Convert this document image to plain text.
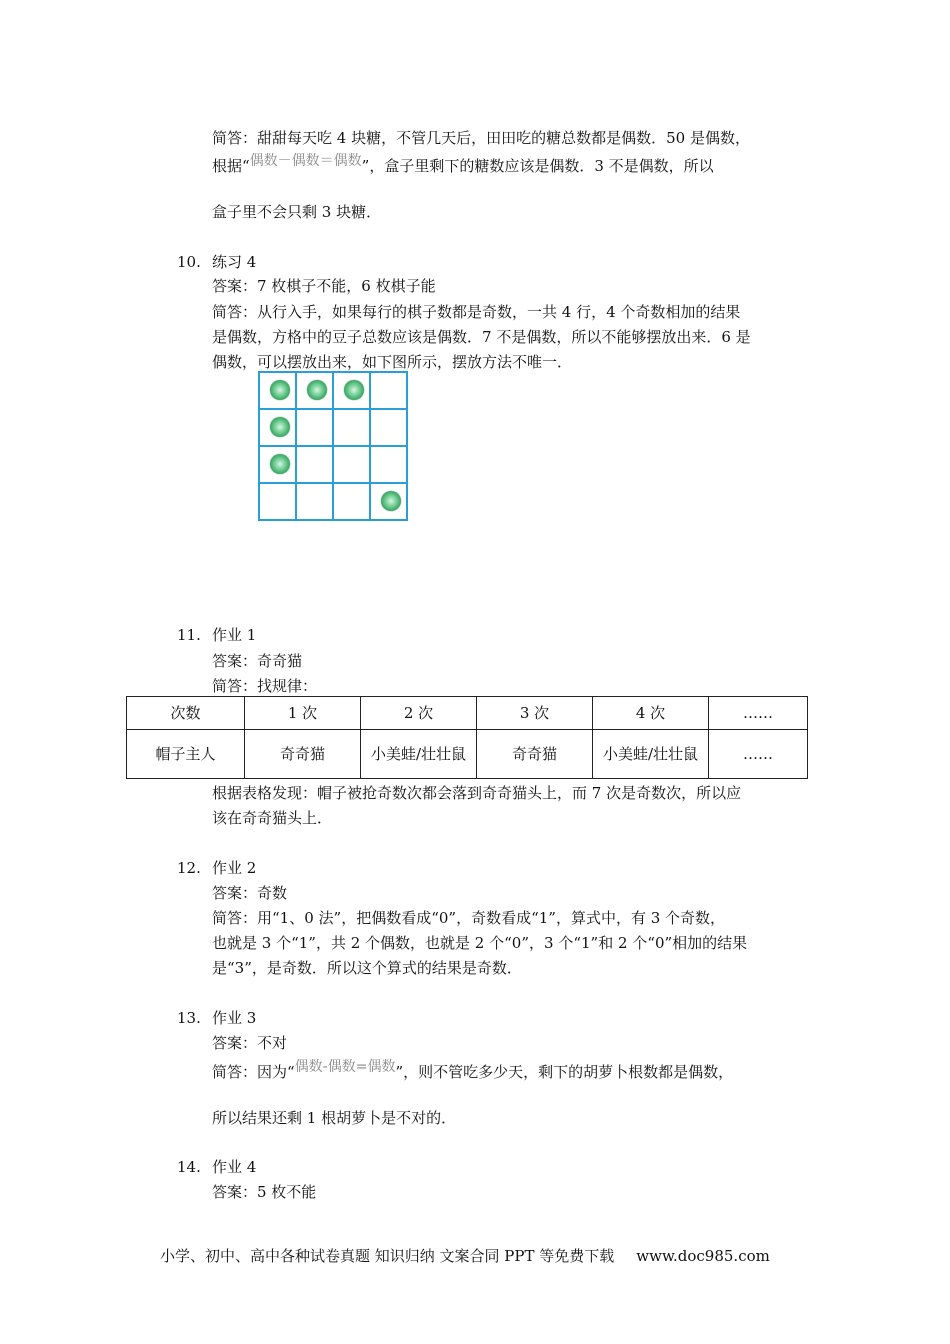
简答：甜甜每天吃 4 块糖，不管几天后，田田吃的糖总数都是偶数．50 是偶数，
根据“偶数－偶数＝偶数”，盒子里剩下的糖数应该是偶数．3 不是偶数，所以
盒子里不会只剩 3 块糖．
10. 练习 4
答案：7 枚棋子不能，6 枚棋子能
简答：从行入手，如果每行的棋子数都是奇数，一共 4 行，4 个奇数相加的结果
是偶数，方格中的豆子总数应该是偶数．7 不是偶数，所以不能够摆放出来．6 是
偶数，可以摆放出来，如下图所示，摆放方法不唯一．
11. 作业 1
答案：奇奇猫
简答：找规律：
次数	1 次	2 次	3 次	4 次	……
帽子主人	奇奇猫	小美蛙/壮壮鼠	奇奇猫	小美蛙/壮壮鼠	……
根据表格发现：帽子被抢奇数次都会落到奇奇猫头上，而 7 次是奇数次，所以应
该在奇奇猫头上．
12. 作业 2
答案：奇数
简答：用“1、0 法”，把偶数看成“0”，奇数看成“1”，算式中，有 3 个奇数，
也就是 3 个“1”，共 2 个偶数，也就是 2 个“0”，3 个“1”和 2 个“0”相加的结果
是“3”，是奇数．所以这个算式的结果是奇数．
13. 作业 3
答案：不对
简答：因为“偶数-偶数=偶数”，则不管吃多少天，剩下的胡萝卜根数都是偶数，
所以结果还剩 1 根胡萝卜是不对的．
14. 作业 4
答案：5 枚不能
小学、初中、高中各种试卷真题 知识归纳 文案合同 PPT 等免费下载 www.doc985.com
